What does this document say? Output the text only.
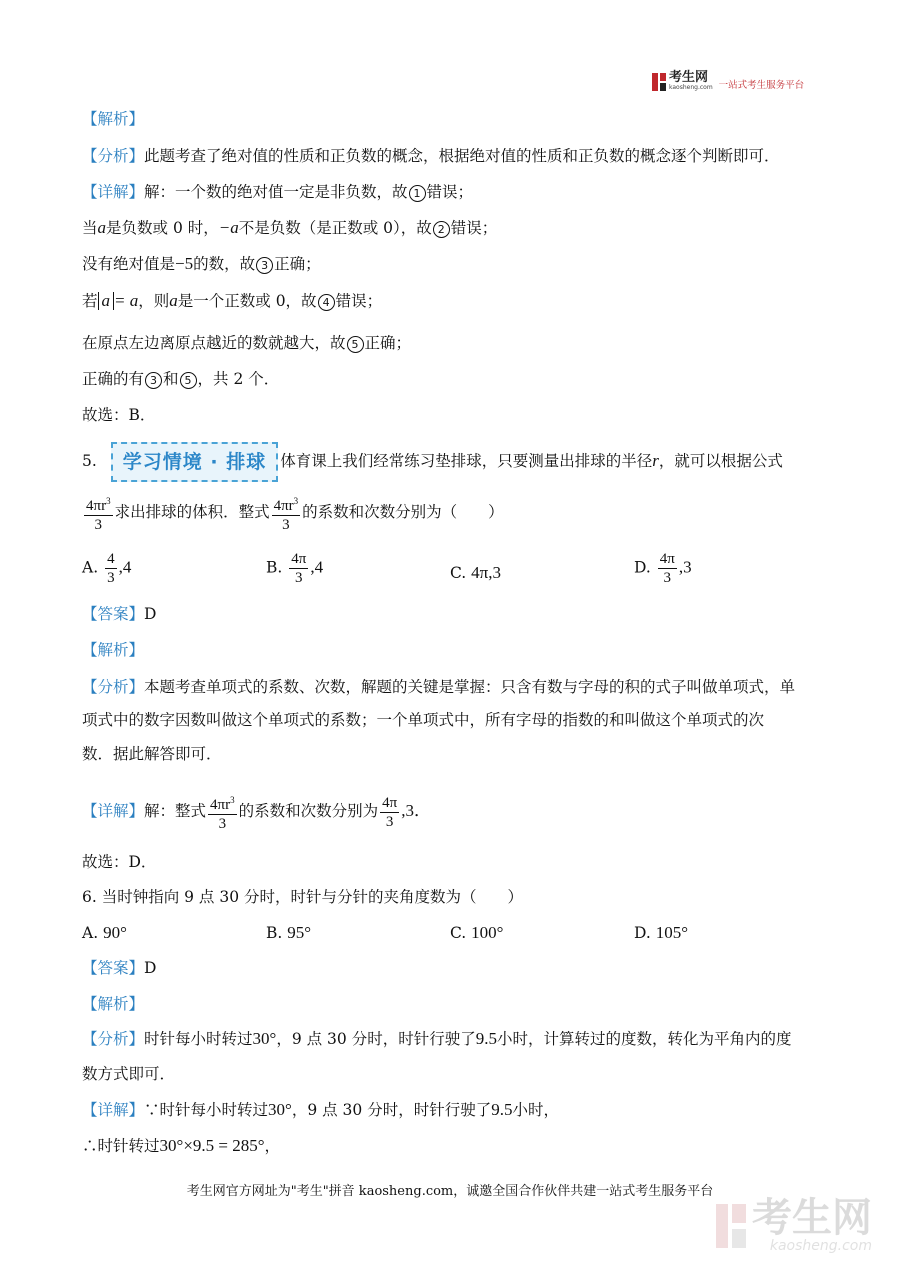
考生网
kaosheng.com 一站式考生服务平台
【解析】
【分析】此题考查了绝对值的性质和正负数的概念，根据绝对值的性质和正负数的概念逐个判断即可．
【详解】解：一个数的绝对值一定是非负数，故 1 错误；
当a是负数或 0 时，−a不是负数（是正数或 0），故 2 错误；
没有绝对值是−5的数，故 3 正确；
若 a = a，则a是一个正数或 0，故 4 错误；
在原点左边离原点越近的数就越大，故 5 正确；
正确的有 3 和 5 ，共 2 个．
故选：B．
5. 学习情境 · 排球 体育课上我们经常练习垫排球，只要测量出排球的半径r，就可以根据公式
$\frac{4\pi r^3}{3}$ 求出排球的体积．整式 $\frac{4\pi r^3}{3}$ 的系数和次数分别为（　　）
A. $\frac{4}{3} ,4$	B. $\frac{4\pi}{3} ,4$	C. 4π,3	D. $\frac{4\pi}{3} ,3$
【答案】D
【解析】
【分析】本题考查单项式的系数、次数，解题的关键是掌握：只含有数与字母的积的式子叫做单项式，单
项式中的数字因数叫做这个单项式的系数；一个单项式中，所有字母的指数的和叫做这个单项式的次
数．据此解答即可．
【详解】解：整式 $\frac{4\pi r^3}{3}$ 的系数和次数分别为 $\frac{4\pi}{3} ,3$．
故选：D．
6. 当时钟指向 9 点 30 分时，时针与分针的夹角度数为（　　）
A. 90°	B. 95°	C. 100°	D. 105°
【答案】D
【解析】
【分析】时针每小时转过30°，9 点 30 分时，时针行驶了9.5小时，计算转过的度数，转化为平角内的度
数方式即可．
【详解】∵时针每小时转过30°，9 点 30 分时，时针行驶了9.5小时，
∴时针转过30°×9.5 = 285°，
考生网官方网址为"考生"拼音 kaosheng.com，诚邀全国合作伙伴共建一站式考生服务平台
考生网
kaosheng.com
